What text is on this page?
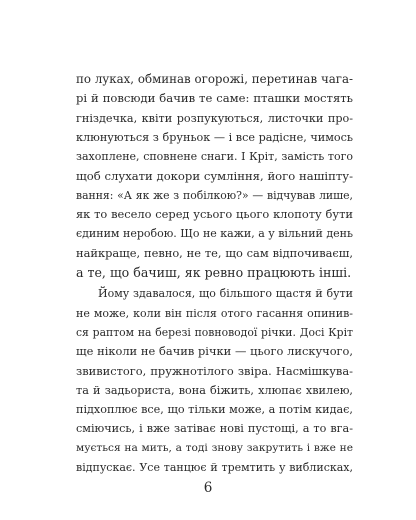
по луках, обминав огорожі, перетинав чага-
рі й повсюди бачив те саме: пташки мостять
гніздечка, квіти розпукуються, листочки про-
клюнуються з бруньок — і все радісне, чимось
захоплене, сповнене снаги. І Кріт, замість того
щоб слухати докори сумління, його нашіпту-
вання: «А як же з побілкою?» — відчував лише,
як то весело серед усього цього клопоту бути
єдиним неробою. Що не кажи, а у вільний день
найкраще, певно, не те, що сам відпочиваєш,
а те, що бачиш, як ревно працюють інші.
Йому здавалося, що більшого щастя й бути
не може, коли він після отого гасання опинив-
ся раптом на березі повноводої річки. Досі Кріт
ще ніколи не бачив річки — цього лискучого,
звивистого, пружнотілого звіра. Насмішкува-
та й задьориста, вона біжить, хлюпає хвилею,
підхоплює все, що тільки може, а потім кидає,
сміючись, і вже затіває нові пустощі, а то вга-
мується на мить, а тоді знову закрутить і вже не
відпускає. Усе танцює й тремтить у виблисках,
6
